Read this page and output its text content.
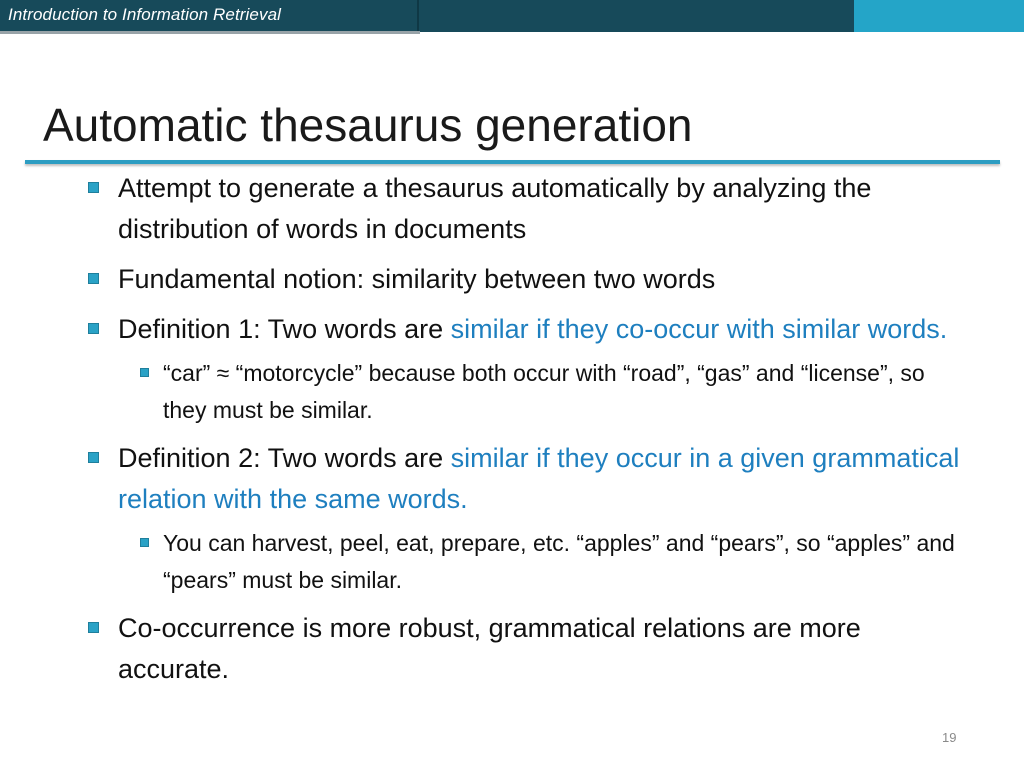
Introduction to Information Retrieval
Automatic thesaurus generation
Attempt to generate a thesaurus automatically by analyzing the distribution of words in documents
Fundamental notion: similarity between two words
Definition 1: Two words are similar if they co-occur with similar words.
“car” ≈ “motorcycle” because both occur with “road”, “gas” and “license”, so they must be similar.
Definition 2: Two words are similar if they occur in a given grammatical relation with the same words.
You can harvest, peel, eat, prepare, etc. “apples” and “pears”, so “apples” and “pears” must be similar.
Co-occurrence is more robust, grammatical relations are more accurate.
19
